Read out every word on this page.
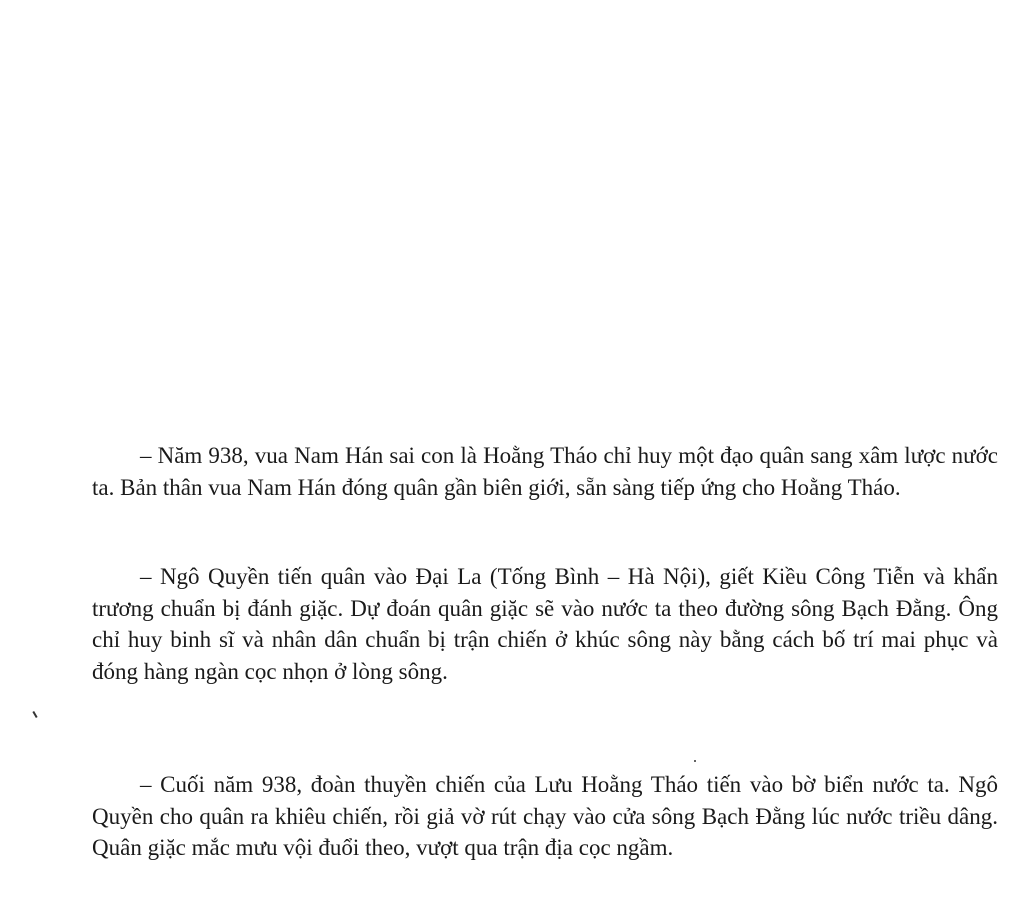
– Năm 938, vua Nam Hán sai con là Hoằng Tháo chỉ huy một đạo quân sang xâm lược nước ta. Bản thân vua Nam Hán đóng quân gần biên giới, sẵn sàng tiếp ứng cho Hoằng Tháo.

– Ngô Quyền tiến quân vào Đại La (Tống Bình – Hà Nội), giết Kiều Công Tiễn và khẩn trương chuẩn bị đánh giặc. Dự đoán quân giặc sẽ vào nước ta theo đường sông Bạch Đằng. Ông chỉ huy binh sĩ và nhân dân chuẩn bị trận chiến ở khúc sông này bằng cách bố trí mai phục và đóng hàng ngàn cọc nhọn ở lòng sông.

– Cuối năm 938, đoàn thuyền chiến của Lưu Hoằng Tháo tiến vào bờ biển nước ta. Ngô Quyền cho quân ra khiêu chiến, rồi giả vờ rút chạy vào cửa sông Bạch Đằng lúc nước triều dâng. Quân giặc mắc mưu vội đuổi theo, vượt qua trận địa cọc ngầm.
